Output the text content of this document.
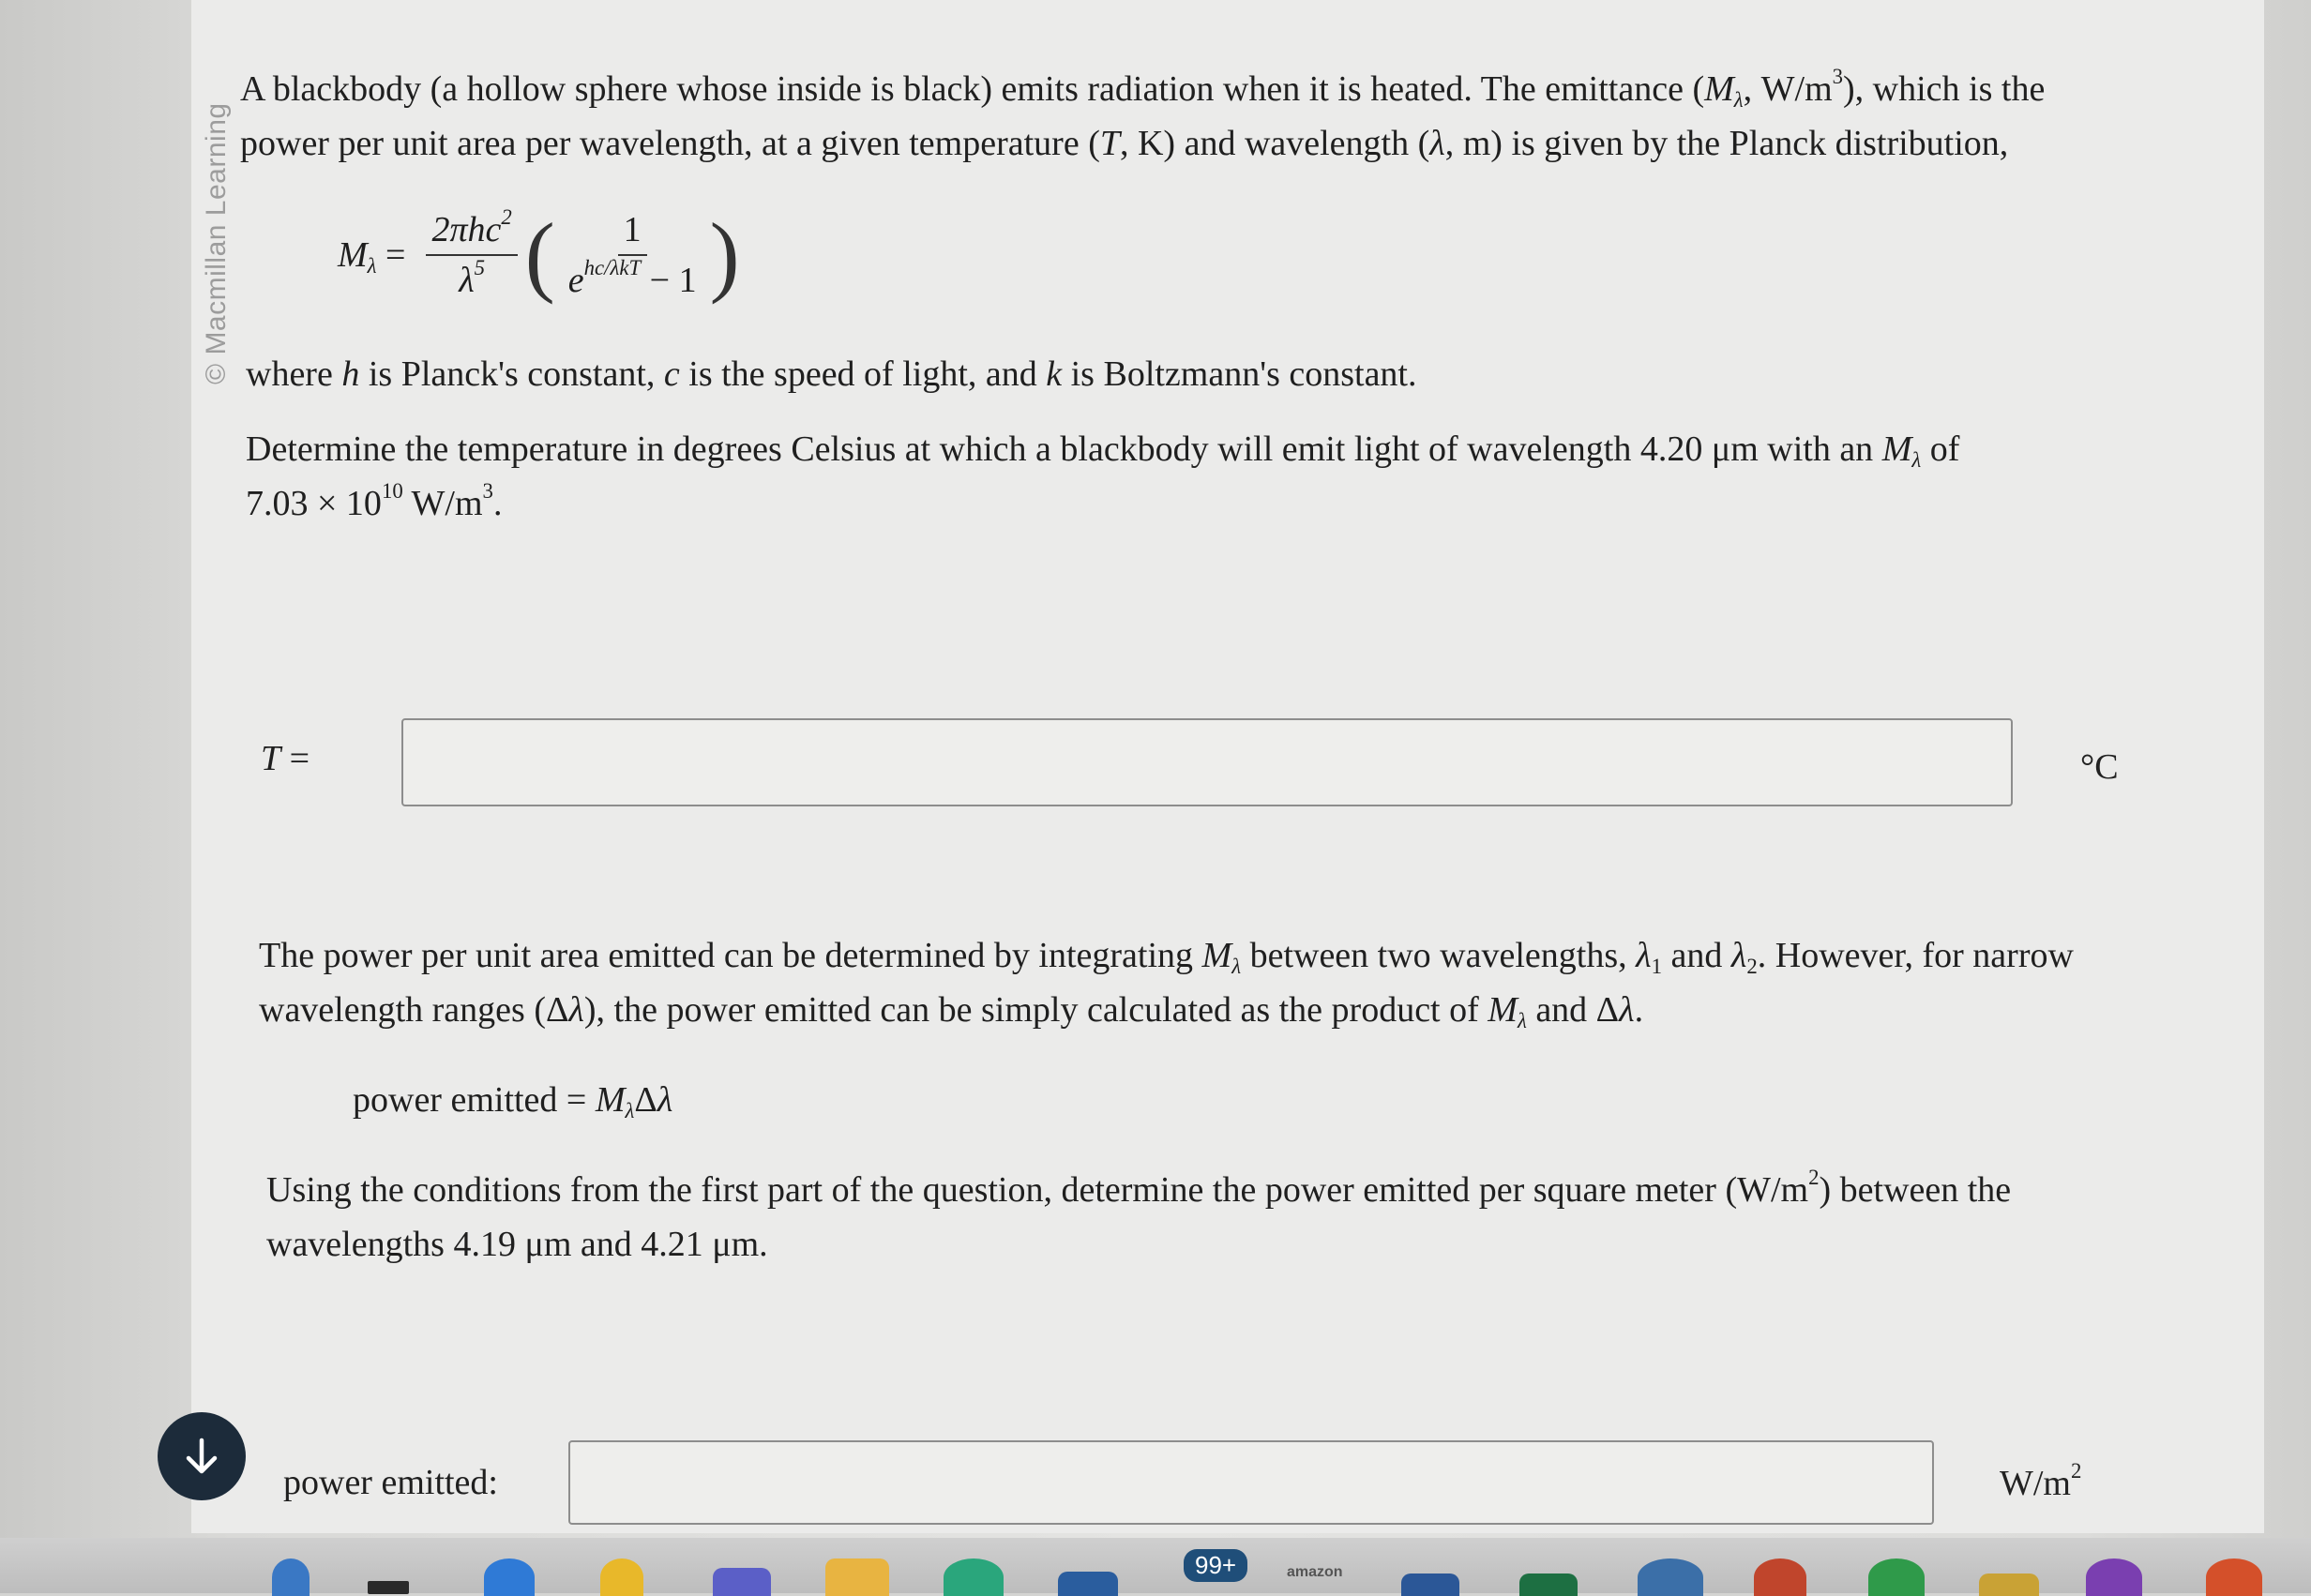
© Macmillan Learning
A blackbody (a hollow sphere whose inside is black) emits radiation when it is heated. The emittance ($M_\lambda$, $W/m^3$), which is the
power per unit area per wavelength, at a given temperature (T, K) and wavelength (λ, m) is given by the Planck distribution,
$M_\lambda = \frac{2\pi hc^2}{\lambda^5}$ ( $\frac{1}{e^{hc/\lambda kT} - 1}$ )
where h is Planck's constant, c is the speed of light, and k is Boltzmann's constant.
Determine the temperature in degrees Celsius at which a blackbody will emit light of wavelength 4.20 μm with an $M_\lambda$ of
$7.03 \times 10^{10}$ $W/m^3$.
T =	°C
The power per unit area emitted can be determined by integrating $M_\lambda$ between two wavelengths, $\lambda_1$ and $\lambda_2$. However, for narrow
wavelength ranges (Δλ), the power emitted can be simply calculated as the product of $M_\lambda$ and Δλ.
power emitted = $M_\lambda\Delta\lambda$
Using the conditions from the first part of the question, determine the power emitted per square meter $(W/m^2)$ between the
wavelengths 4.19 μm and 4.21 μm.
power emitted:	$W/m^2$
99+	amazon
